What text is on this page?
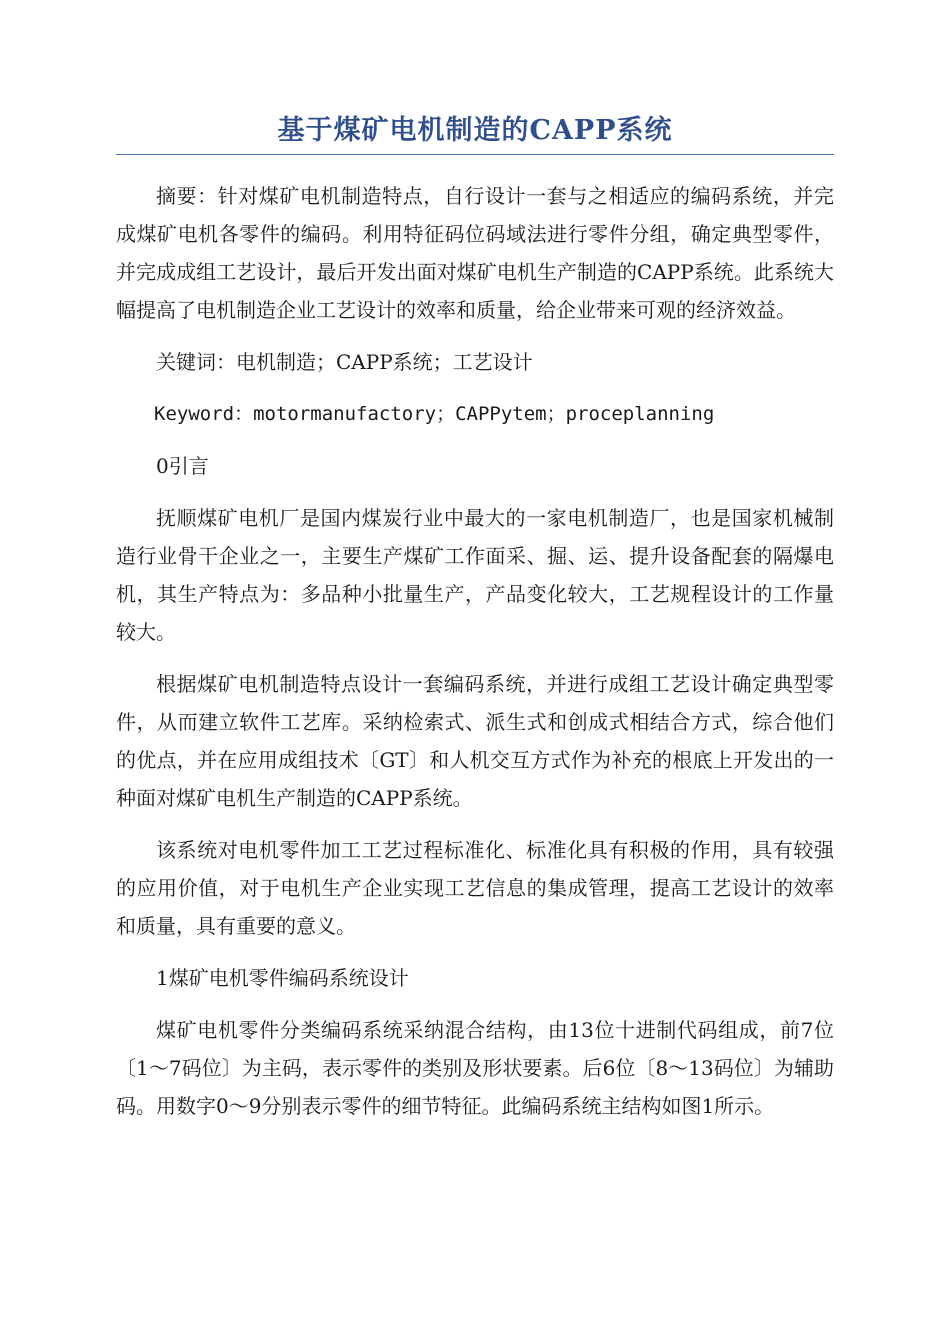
基于煤矿电机制造的CAPP系统

摘要：针对煤矿电机制造特点，自行设计一套与之相适应的编码系统，并完成煤矿电机各零件的编码。利用特征码位码域法进行零件分组，确定典型零件，并完成成组工艺设计，最后开发出面对煤矿电机生产制造的CAPP系统。此系统大幅提高了电机制造企业工艺设计的效率和质量，给企业带来可观的经济效益。

关键词：电机制造；CAPP系统；工艺设计

Keyword：motormanufactory；CAPPytem；proceplanning

0引言

抚顺煤矿电机厂是国内煤炭行业中最大的一家电机制造厂，也是国家机械制造行业骨干企业之一，主要生产煤矿工作面采、掘、运、提升设备配套的隔爆电机，其生产特点为：多品种小批量生产，产品变化较大，工艺规程设计的工作量较大。

根据煤矿电机制造特点设计一套编码系统，并进行成组工艺设计确定典型零件，从而建立软件工艺库。采纳检索式、派生式和创成式相结合方式，综合他们的优点，并在应用成组技术〔GT〕和人机交互方式作为补充的根底上开发出的一种面对煤矿电机生产制造的CAPP系统。

该系统对电机零件加工工艺过程标准化、标准化具有积极的作用，具有较强的应用价值，对于电机生产企业实现工艺信息的集成管理，提高工艺设计的效率和质量，具有重要的意义。

1煤矿电机零件编码系统设计

煤矿电机零件分类编码系统采纳混合结构，由13位十进制代码组成，前7位〔1～7码位〕为主码，表示零件的类别及形状要素。后6位〔8～13码位〕为辅助码。用数字0～9分别表示零件的细节特征。此编码系统主结构如图1所示。
